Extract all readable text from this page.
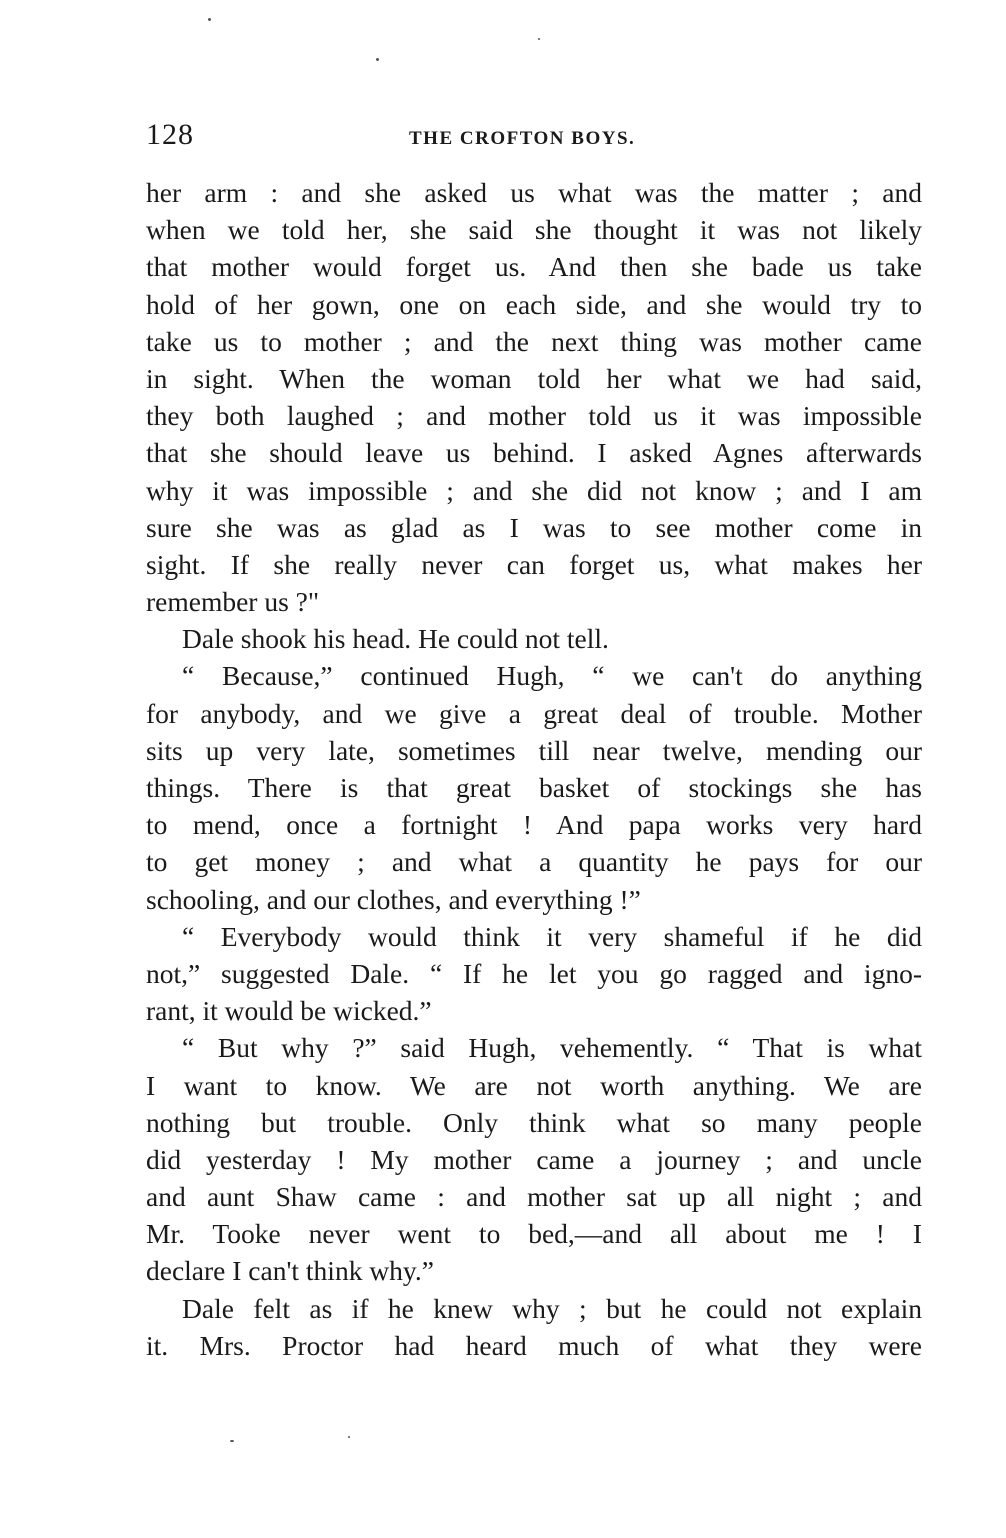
128	THE CROFTON BOYS.
her arm : and she asked us what was the matter ; and
when we told her, she said she thought it was not likely
that mother would forget us. And then she bade us take
hold of her gown, one on each side, and she would try to
take us to mother ; and the next thing was mother came
in sight. When the woman told her what we had said,
they both laughed ; and mother told us it was impossible
that she should leave us behind. I asked Agnes afterwards
why it was impossible ; and she did not know ; and I am
sure she was as glad as I was to see mother come in
sight. If she really never can forget us, what makes her
remember us ?"
Dale shook his head. He could not tell.
“ Because,” continued Hugh, “ we can't do anything
for anybody, and we give a great deal of trouble. Mother
sits up very late, sometimes till near twelve, mending our
things. There is that great basket of stockings she has
to mend, once a fortnight ! And papa works very hard
to get money ; and what a quantity he pays for our
schooling, and our clothes, and everything !”
“ Everybody would think it very shameful if he did
not,” suggested Dale. “ If he let you go ragged and igno-
rant, it would be wicked.”
“ But why ?” said Hugh, vehemently. “ That is what
I want to know. We are not worth anything. We are
nothing but trouble. Only think what so many people
did yesterday ! My mother came a journey ; and uncle
and aunt Shaw came : and mother sat up all night ; and
Mr. Tooke never went to bed,—and all about me ! I
declare I can't think why.”
Dale felt as if he knew why ; but he could not explain
it. Mrs. Proctor had heard much of what they were
